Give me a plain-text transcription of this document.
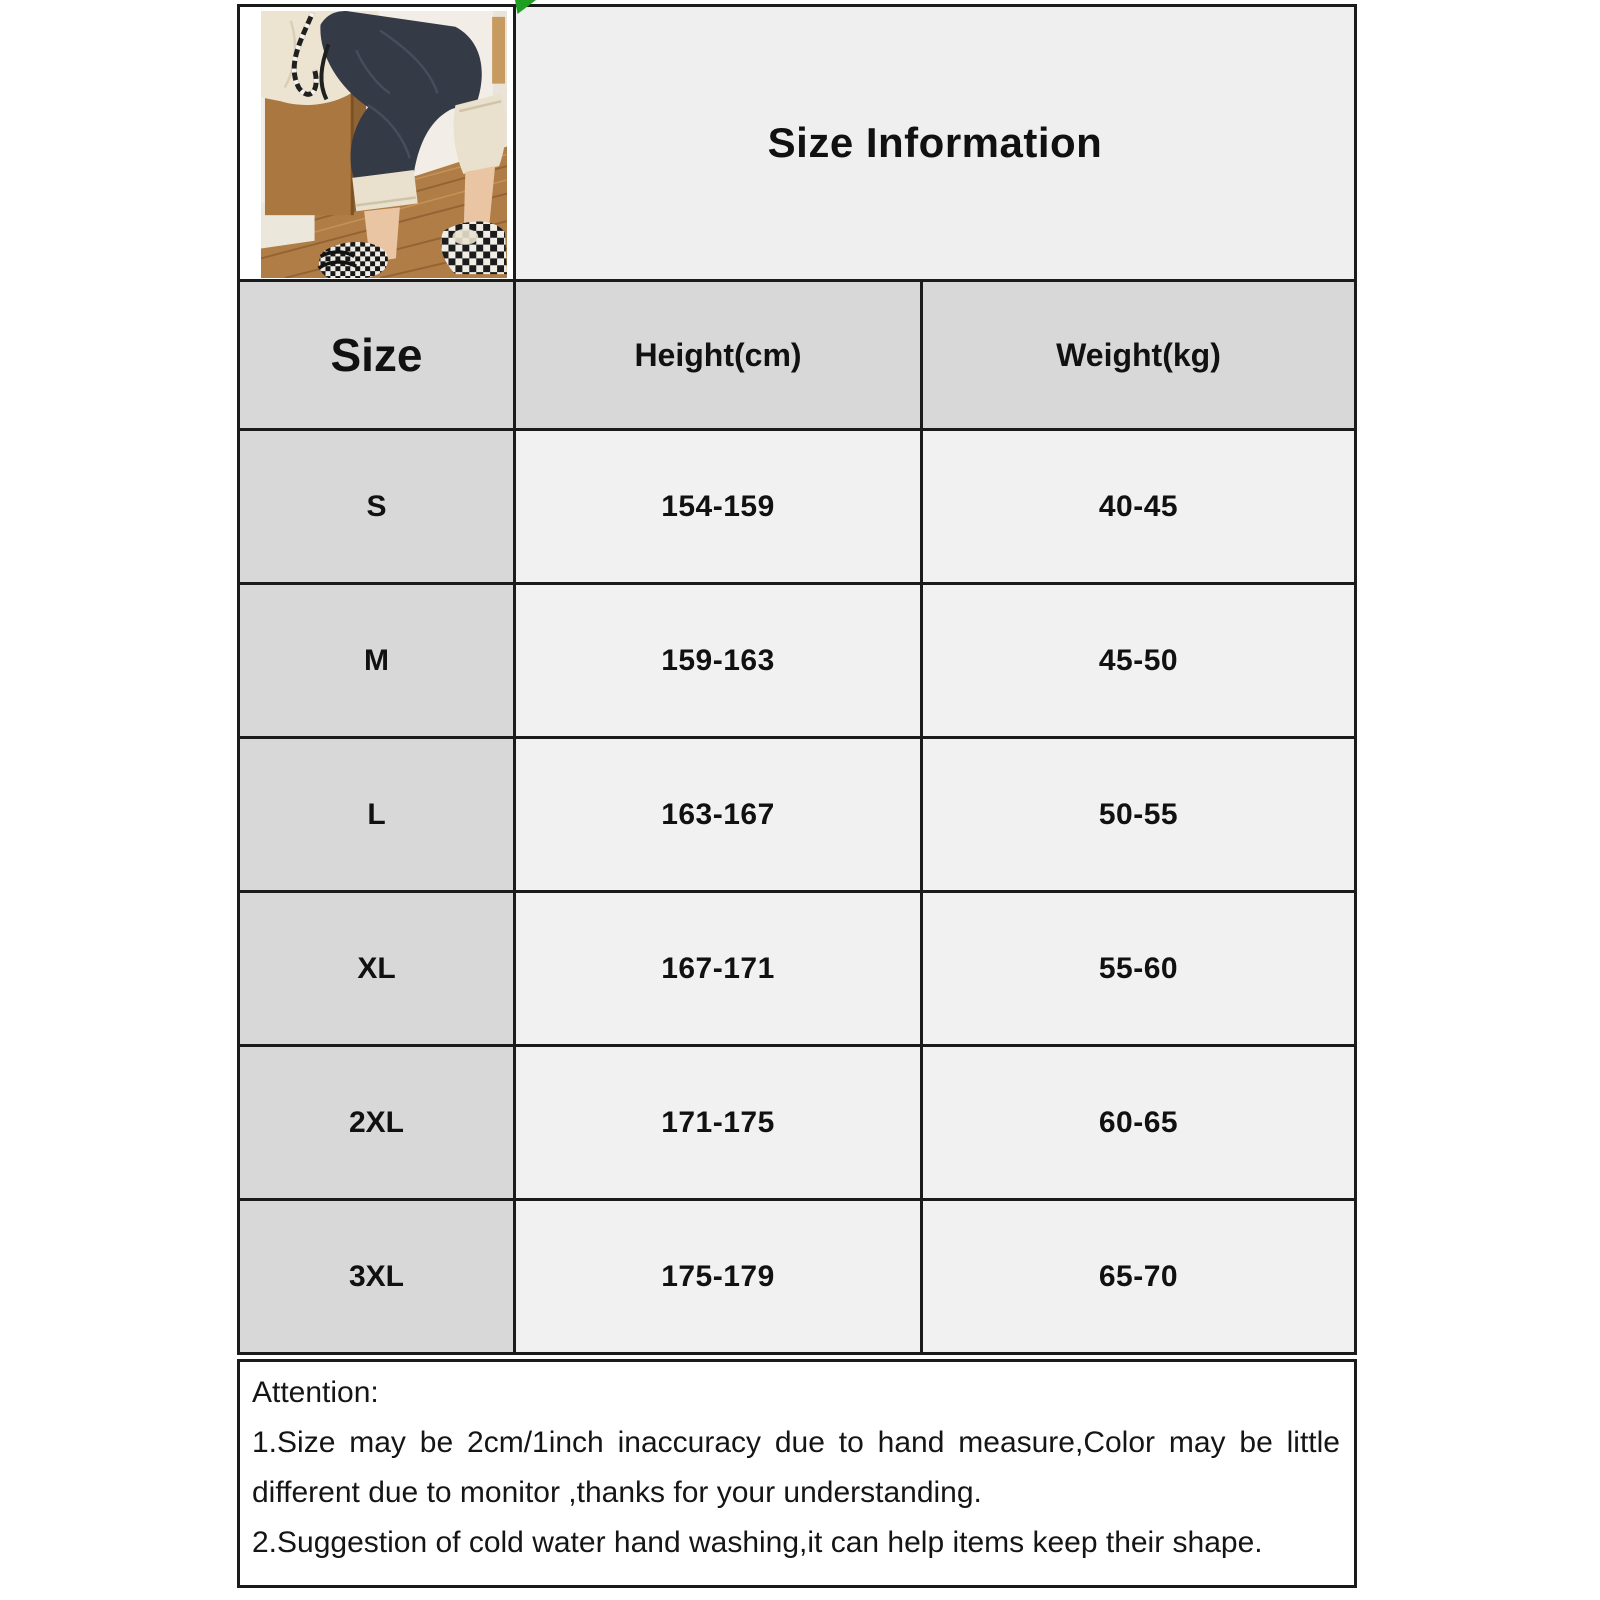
Size Information
Size	Height(cm)	Weight(kg)
S	154-159	40-45
M	159-163	45-50
L	163-167	50-55
XL	167-171	55-60
2XL	171-175	60-65
3XL	175-179	65-70
Attention:
1.Size may be 2cm/1inch inaccuracy due to hand measure,Color may be little different due to monitor ,thanks for your understanding.
2.Suggestion of cold water hand washing,it can help items keep their shape.
